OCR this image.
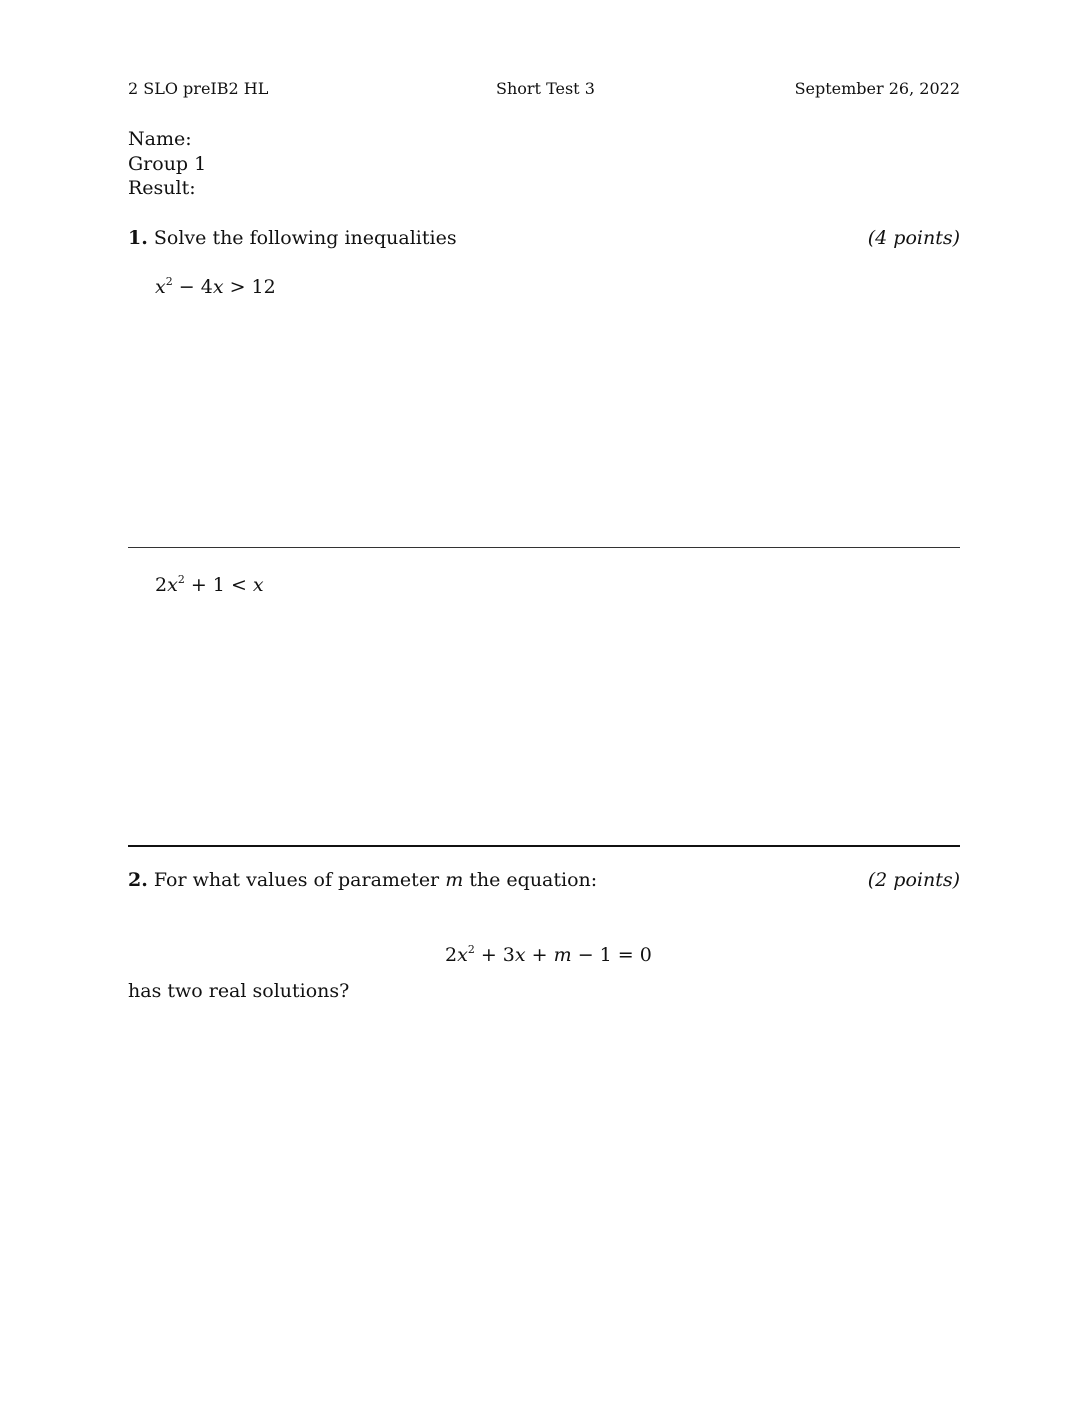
2 SLO preIB2 HL	Short Test 3	September 26, 2022
Name:
Group 1
Result:
1. Solve the following inequalities	(4 points)
$x^2 - 4x > 12$
$2x^2 + 1 < x$
2. For what values of parameter m the equation:	(2 points)
$2x^2 + 3x + m - 1 = 0$
has two real solutions?
